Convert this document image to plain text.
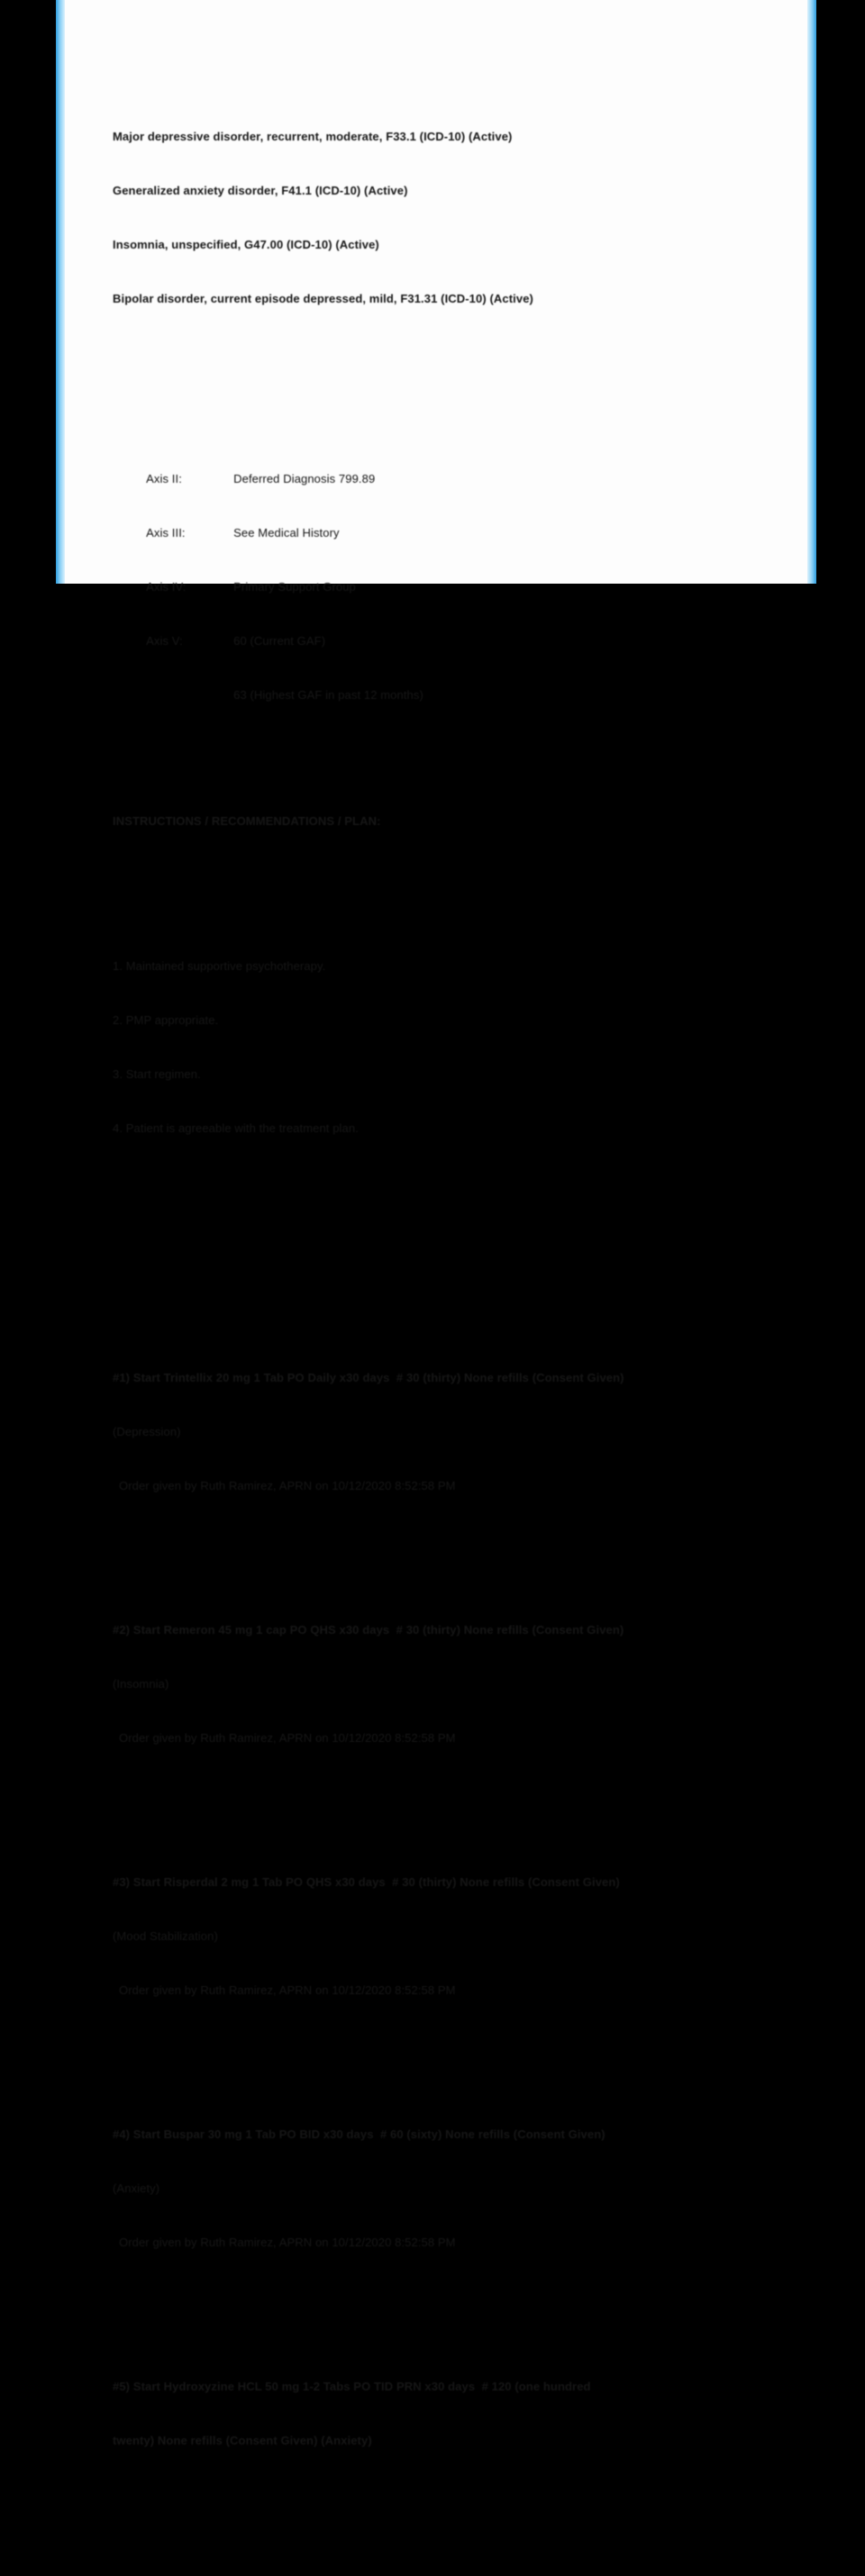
Major depressive disorder, recurrent, moderate, F33.1 (ICD-10) (Active)

Generalized anxiety disorder, F41.1 (ICD-10) (Active)

Insomnia, unspecified, G47.00 (ICD-10) (Active)

Bipolar disorder, current episode depressed, mild, F31.31 (ICD-10) (Active)

Axis II:	Deferred Diagnosis 799.89

Axis III:	See Medical History

Axis IV:	Primary Support Group

Axis V:	60 (Current GAF)

63 (Highest GAF in past 12 months)

INSTRUCTIONS / RECOMMENDATIONS / PLAN:

1. Maintained supportive psychotherapy.

2. PMP appropriate.

3. Start regimen.

4. Patient is agreeable with the treatment plan.

#1) Start Trintellix 20 mg 1 Tab PO Daily x30 days  # 30 (thirty) None refills (Consent Given)

(Depression)

Order given by Ruth Ramirez, APRN on 10/12/2020 8:52:58 PM

#2) Start Remeron 45 mg 1 cap PO QHS x30 days  # 30 (thirty) None refills (Consent Given)

(Insomnia)

Order given by Ruth Ramirez, APRN on 10/12/2020 8:52:58 PM

#3) Start Risperdal 2 mg 1 Tab PO QHS x30 days  # 30 (thirty) None refills (Consent Given)

(Mood Stabilization)

Order given by Ruth Ramirez, APRN on 10/12/2020 8:52:58 PM

#4) Start Buspar 30 mg 1 Tab PO BID x30 days  # 60 (sixty) None refills (Consent Given)

(Anxiety)

Order given by Ruth Ramirez, APRN on 10/12/2020 8:52:58 PM

#5) Start Hydroxyzine HCL 50 mg 1-2 Tabs PO TID PRN x30 days  # 120 (one hundred

twenty) None refills (Consent Given) (Anxiety)
